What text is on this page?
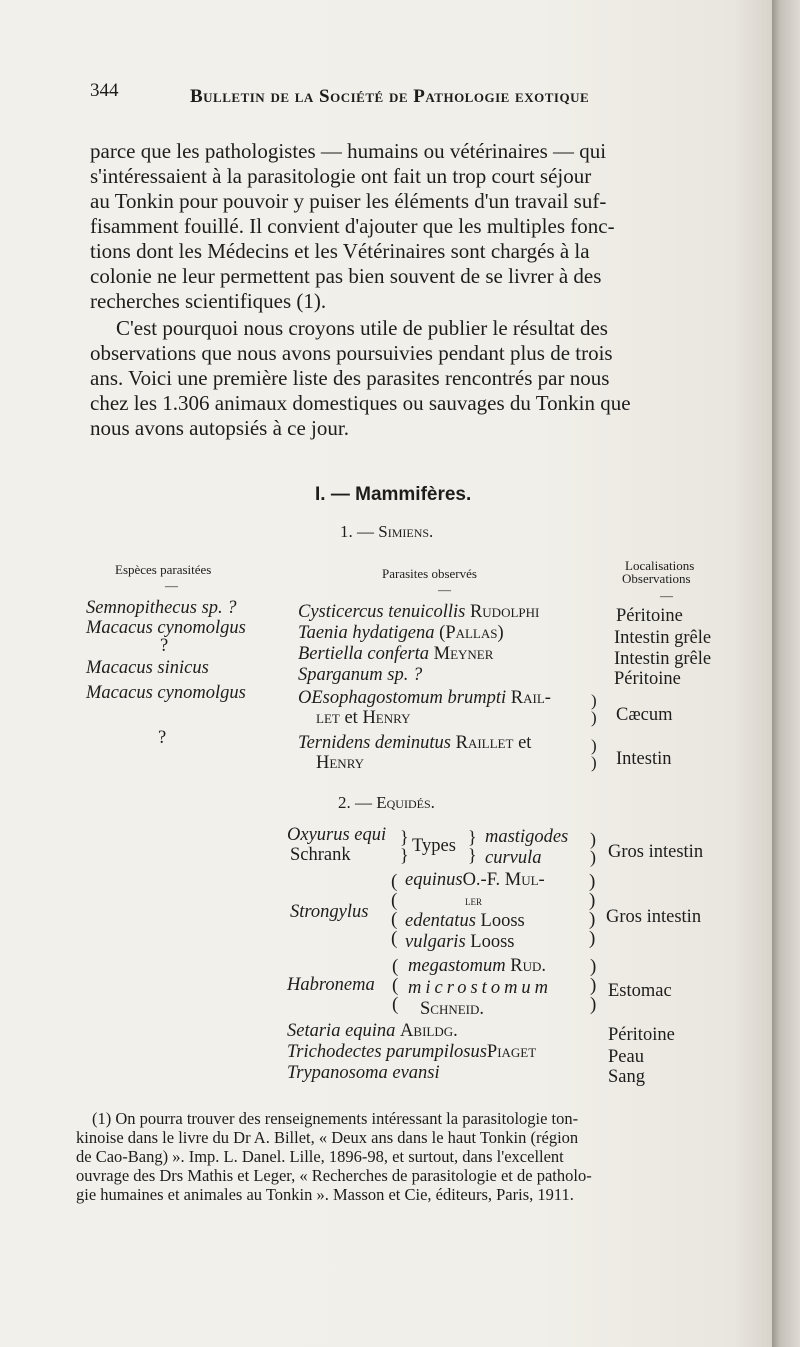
344	Bulletin de la Société de Pathologie exotique
parce que les pathologistes — humains ou vétérinaires — qui
s'intéressaient à la parasitologie ont fait un trop court séjour
au Tonkin pour pouvoir y puiser les éléments d'un travail suf-
fisamment fouillé. Il convient d'ajouter que les multiples fonc-
tions dont les Médecins et les Vétérinaires sont chargés à la
colonie ne leur permettent pas bien souvent de se livrer à des
recherches scientifiques (1).
C'est pourquoi nous croyons utile de publier le résultat des
observations que nous avons poursuivies pendant plus de trois
ans. Voici une première liste des parasites rencontrés par nous
chez les 1.306 animaux domestiques ou sauvages du Tonkin que
nous avons autopsiés à ce jour.
I. — Mammifères.
1. — Simiens.
Espèces parasitées
—
Parasites observés
—
Localisations
Observations
—
Semnopithecus sp. ?
Macacus cynomolgus
?
Macacus sinicus
Macacus cynomolgus
?
Cysticercus tenuicollis Rudolphi
Taenia hydatigena (Pallas)
Bertiella conferta Meyner
Sparganum sp. ?
OEsophagostomum brumpti Rail-
let et Henry
)
)
Ternidens deminutus Raillet et
Henry
)
)
Péritoine
Intestin grêle
Intestin grêle
Péritoine
Cæcum
Intestin
2. — Equidés.
Oxyurus equi
Schrank
}
} Types }
}
mastigodes
curvula
)
) Gros intestin
Strongylus
(
(
(
(
equinusO.-F. Mul-
ler
edentatus Looss
vulgaris Looss
)
)
)
)
Gros intestin
Habronema
(
(
(
megastomum Rud.
microstomum
Schneid.
)
)
)
Estomac
Setaria equina Abildg.
Trichodectes parumpilosusPiaget
Trypanosoma evansi
Péritoine
Peau
Sang
(1) On pourra trouver des renseignements intéressant la parasitologie ton-
kinoise dans le livre du Dr A. Billet, « Deux ans dans le haut Tonkin (région
de Cao-Bang) ». Imp. L. Danel. Lille, 1896-98, et surtout, dans l'excellent
ouvrage des Drs Mathis et Leger, « Recherches de parasitologie et de patholo-
gie humaines et animales au Tonkin ». Masson et Cie, éditeurs, Paris, 1911.
